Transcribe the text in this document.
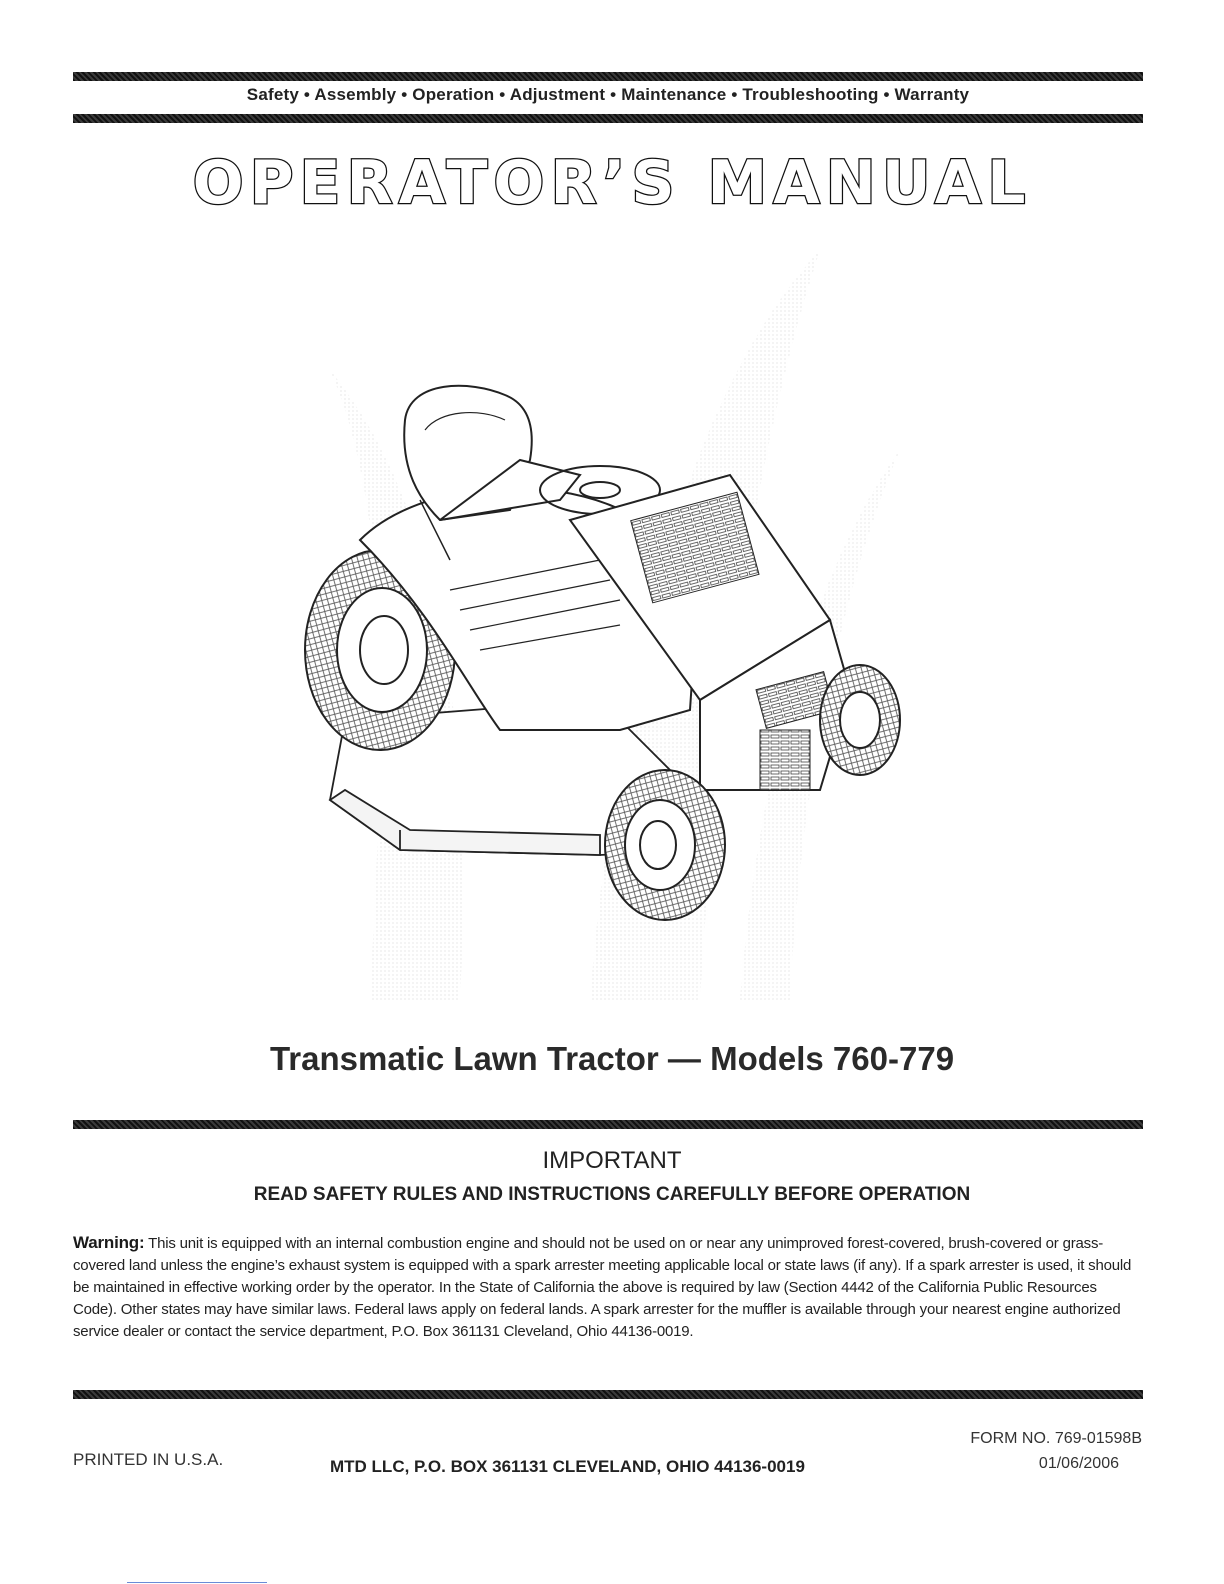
Safety • Assembly • Operation • Adjustment • Maintenance • Troubleshooting • Warranty
OPERATOR’S MANUAL
Transmatic Lawn Tractor — Models 760-779
IMPORTANT
READ SAFETY RULES AND INSTRUCTIONS CAREFULLY BEFORE OPERATION
Warning: This unit is equipped with an internal combustion engine and should not be used on or near any unimproved forest-covered, brush-covered or grass-covered land unless the engine’s exhaust system is equipped with a spark arrester meeting applicable local or state laws (if any). If a spark arrester is used, it should be maintained in effective working order by the operator. In the State of California the above is required by law (Section 4442 of the California Public Resources Code). Other states may have similar laws. Federal laws apply on federal lands. A spark arrester for the muffler is available through your nearest engine authorized service dealer or contact the service department, P.O. Box 361131 Cleveland, Ohio 44136-0019.
PRINTED IN U.S.A.	MTD LLC, P.O. BOX 361131 CLEVELAND, OHIO 44136-0019
FORM NO. 769-01598B
01/06/2006
